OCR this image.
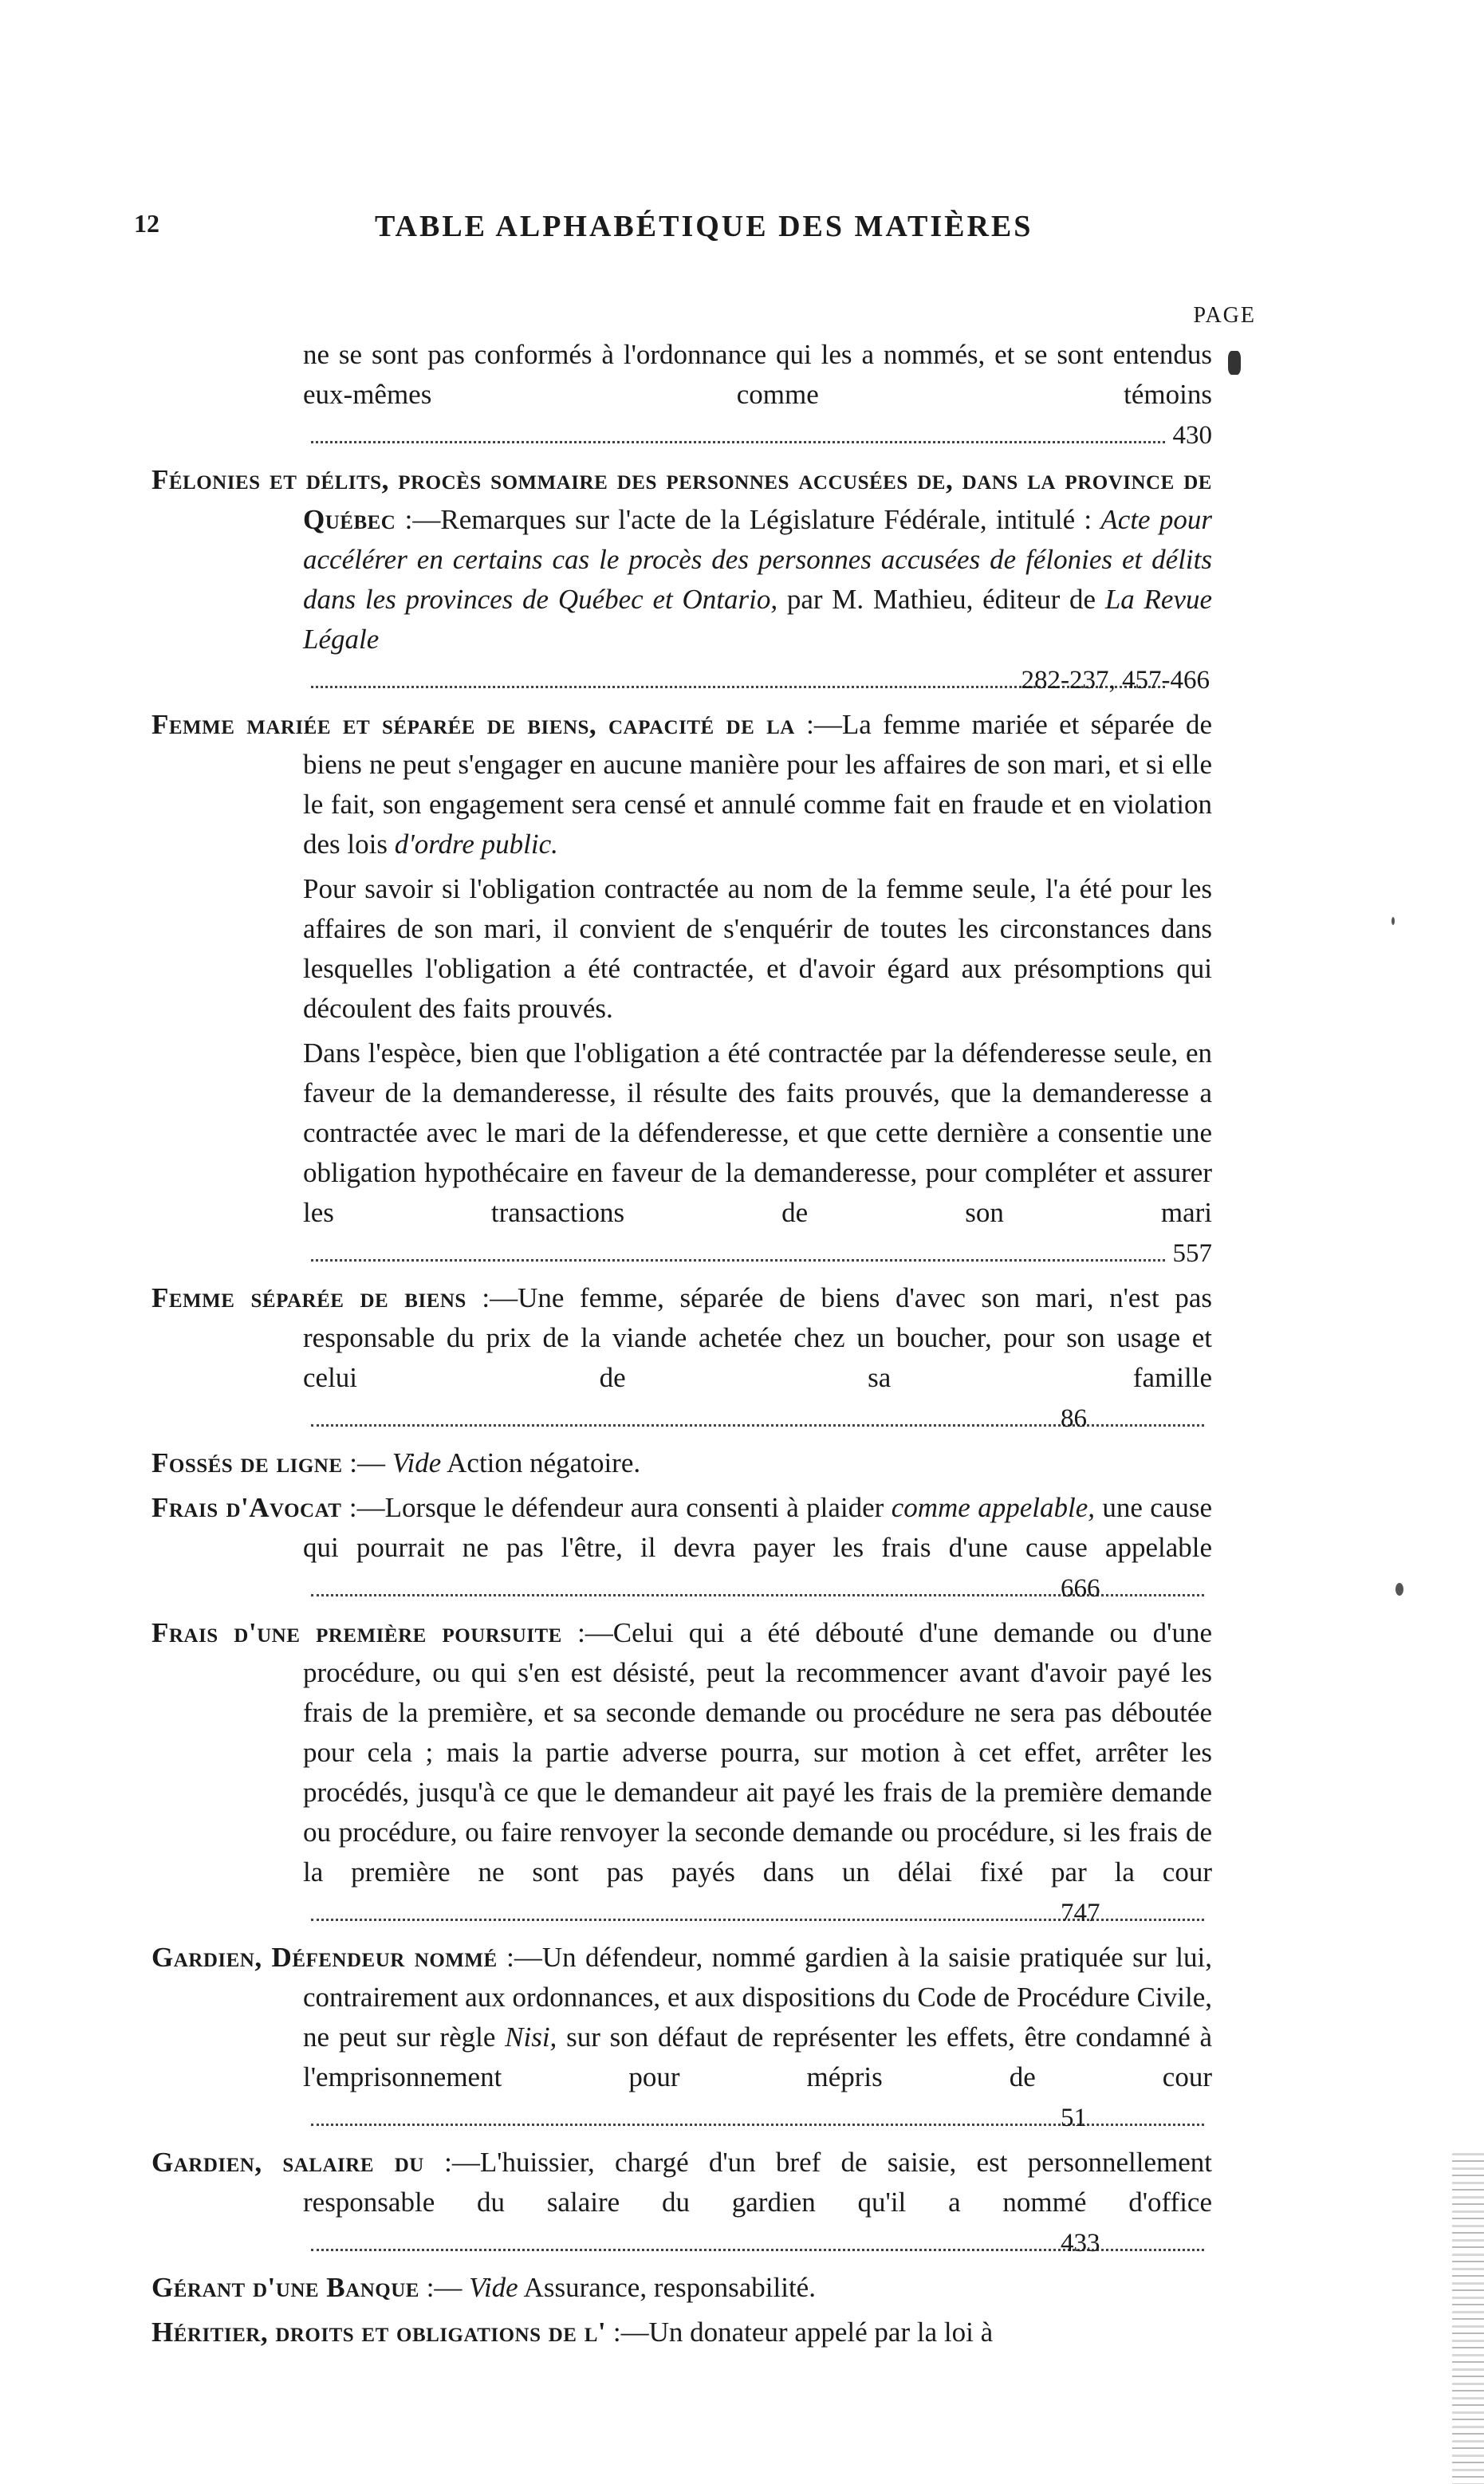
12	TABLE ALPHABÉTIQUE DES MATIÈRES
PAGE

ne se sont pas conformés à l'ordonnance qui les a nommés, et se sont entendus eux-mêmes comme témoins
430
Félonies et délits, procès sommaire des personnes accusées de, dans la province de Québec :—Remarques sur l'acte de la Législature Fédérale, intitulé : Acte pour accélérer en certains cas le procès des personnes accusées de félonies et délits dans les provinces de Québec et Ontario, par M. Mathieu, éditeur de La Revue Légale
282-237, 457-466
Femme mariée et séparée de biens, capacité de la :—La femme mariée et séparée de biens ne peut s'engager en aucune manière pour les affaires de son mari, et si elle le fait, son engagement sera censé et annulé comme fait en fraude et en violation des lois d'ordre public.
Pour savoir si l'obligation contractée au nom de la femme seule, l'a été pour les affaires de son mari, il convient de s'enquérir de toutes les circonstances dans lesquelles l'obligation a été contractée, et d'avoir égard aux présomptions qui découlent des faits prouvés.
Dans l'espèce, bien que l'obligation a été contractée par la défenderesse seule, en faveur de la demanderesse, il résulte des faits prouvés, que la demanderesse a contractée avec le mari de la défenderesse, et que cette dernière a consentie une obligation hypothécaire en faveur de la demanderesse, pour compléter et assurer les transactions de son mari
557
Femme séparée de biens :—Une femme, séparée de biens d'avec son mari, n'est pas responsable du prix de la viande achetée chez un boucher, pour son usage et celui de sa famille
86
Fossés de ligne :— Vide Action négatoire.
Frais d'Avocat :—Lorsque le défendeur aura consenti à plaider comme appelable, une cause qui pourrait ne pas l'être, il devra payer les frais d'une cause appelable
666
Frais d'une première poursuite :—Celui qui a été débouté d'une demande ou d'une procédure, ou qui s'en est désisté, peut la recommencer avant d'avoir payé les frais de la première, et sa seconde demande ou procédure ne sera pas déboutée pour cela ; mais la partie adverse pourra, sur motion à cet effet, arrêter les procédés, jusqu'à ce que le demandeur ait payé les frais de la première demande ou procédure, ou faire renvoyer la seconde demande ou procédure, si les frais de la première ne sont pas payés dans un délai fixé par la cour
747
Gardien, Défendeur nommé :—Un défendeur, nommé gardien à la saisie pratiquée sur lui, contrairement aux ordonnances, et aux dispositions du Code de Procédure Civile, ne peut sur règle Nisi, sur son défaut de représenter les effets, être condamné à l'emprisonnement pour mépris de cour
51
Gardien, salaire du :—L'huissier, chargé d'un bref de saisie, est personnellement responsable du salaire du gardien qu'il a nommé d'office
433
Gérant d'une Banque :— Vide Assurance, responsabilité.
Héritier, droits et obligations de l' :—Un donateur appelé par la loi à
